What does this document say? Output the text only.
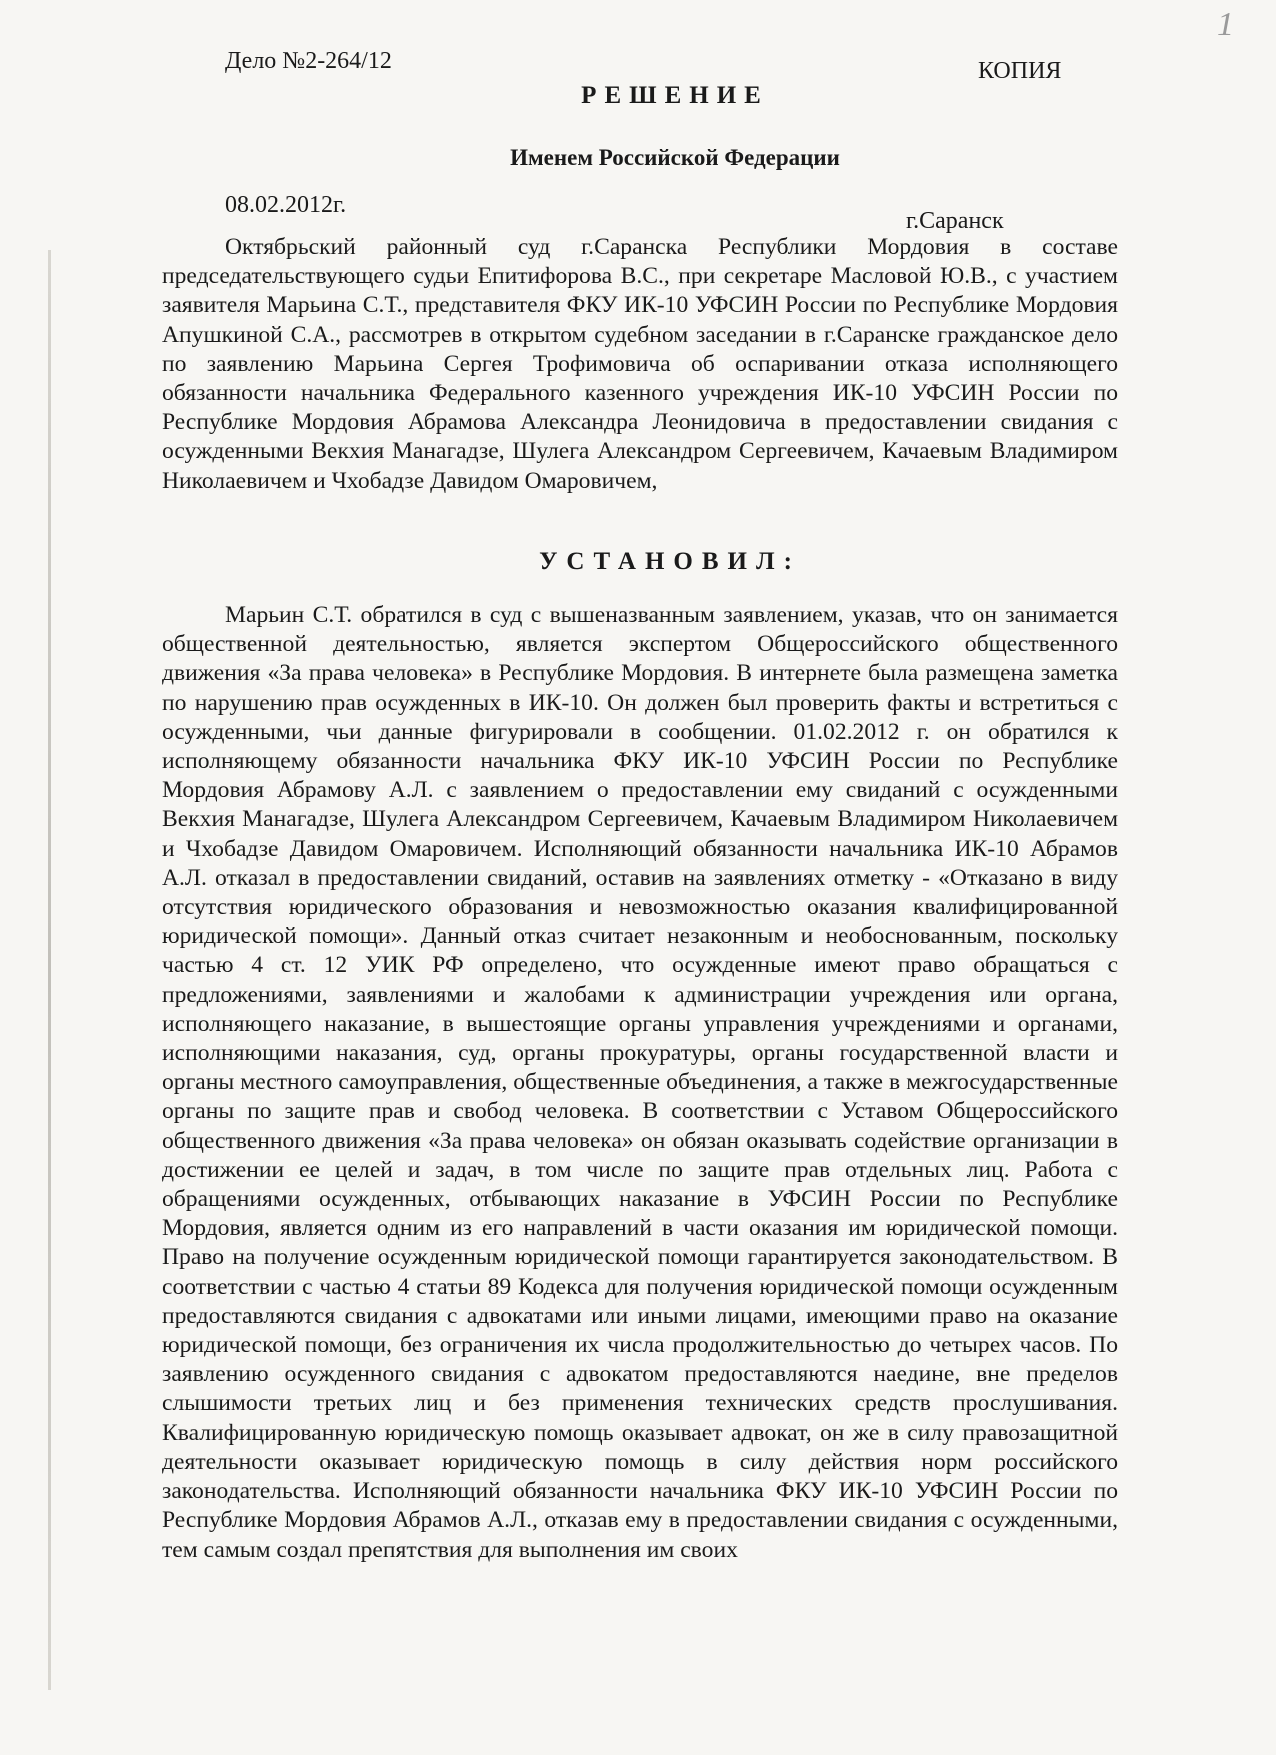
1
Дело №2-264/12	КОПИЯ
РЕШЕНИЕ
Именем Российской Федерации
08.02.2012г.
г.Саранск
Октябрьский районный суд г.Саранска Республики Мордовия в составе председательствующего судьи Епитифорова В.С., при секретаре Масловой Ю.В., с участием заявителя Марьина С.Т., представителя ФКУ ИК-10 УФСИН России по Республике Мордовия Апушкиной С.А., рассмотрев в открытом судебном заседании в г.Саранске гражданское дело по заявлению Марьина Сергея Трофимовича об оспаривании отказа исполняющего обязанности начальника Федерального казенного учреждения ИК-10 УФСИН России по Республике Мордовия Абрамова Александра Леонидовича в предоставлении свидания с осужденными Векхия Манагадзе, Шулега Александром Сергеевичем, Качаевым Владимиром Николаевичем и Чхобадзе Давидом Омаровичем,
УСТАНОВИЛ:
Марьин С.Т. обратился в суд с вышеназванным заявлением, указав, что он занимается общественной деятельностью, является экспертом Общероссийского общественного движения «За права человека» в Республике Мордовия. В интернете была размещена заметка по нарушению прав осужденных в ИК-10. Он должен был проверить факты и встретиться с осужденными, чьи данные фигурировали в сообщении. 01.02.2012 г. он обратился к исполняющему обязанности начальника ФКУ ИК-10 УФСИН России по Республике Мордовия Абрамову А.Л. с заявлением о предоставлении ему свиданий с осужденными Векхия Манагадзе, Шулега Александром Сергеевичем, Качаевым Владимиром Николаевичем и Чхобадзе Давидом Омаровичем. Исполняющий обязанности начальника ИК-10 Абрамов А.Л. отказал в предоставлении свиданий, оставив на заявлениях отметку - «Отказано в виду отсутствия юридического образования и невозможностью оказания квалифицированной юридической помощи». Данный отказ считает незаконным и необоснованным, поскольку частью 4 ст. 12 УИК РФ определено, что осужденные имеют право обращаться с предложениями, заявлениями и жалобами к администрации учреждения или органа, исполняющего наказание, в вышестоящие органы управления учреждениями и органами, исполняющими наказания, суд, органы прокуратуры, органы государственной власти и органы местного самоуправления, общественные объединения, а также в межгосударственные органы по защите прав и свобод человека. В соответствии с Уставом Общероссийского общественного движения «За права человека» он обязан оказывать содействие организации в достижении ее целей и задач, в том числе по защите прав отдельных лиц. Работа с обращениями осужденных, отбывающих наказание в УФСИН России по Республике Мордовия, является одним из его направлений в части оказания им юридической помощи. Право на получение осужденным юридической помощи гарантируется законодательством. В соответствии с частью 4 статьи 89 Кодекса для получения юридической помощи осужденным предоставляются свидания с адвокатами или иными лицами, имеющими право на оказание юридической помощи, без ограничения их числа продолжительностью до четырех часов. По заявлению осужденного свидания с адвокатом предоставляются наедине, вне пределов слышимости третьих лиц и без применения технических средств прослушивания. Квалифицированную юридическую помощь оказывает адвокат, он же в силу правозащитной деятельности оказывает юридическую помощь в силу действия норм российского законодательства. Исполняющий обязанности начальника ФКУ ИК-10 УФСИН России по Республике Мордовия Абрамов А.Л., отказав ему в предоставлении свидания с осужденными, тем самым создал препятствия для выполнения им своих
